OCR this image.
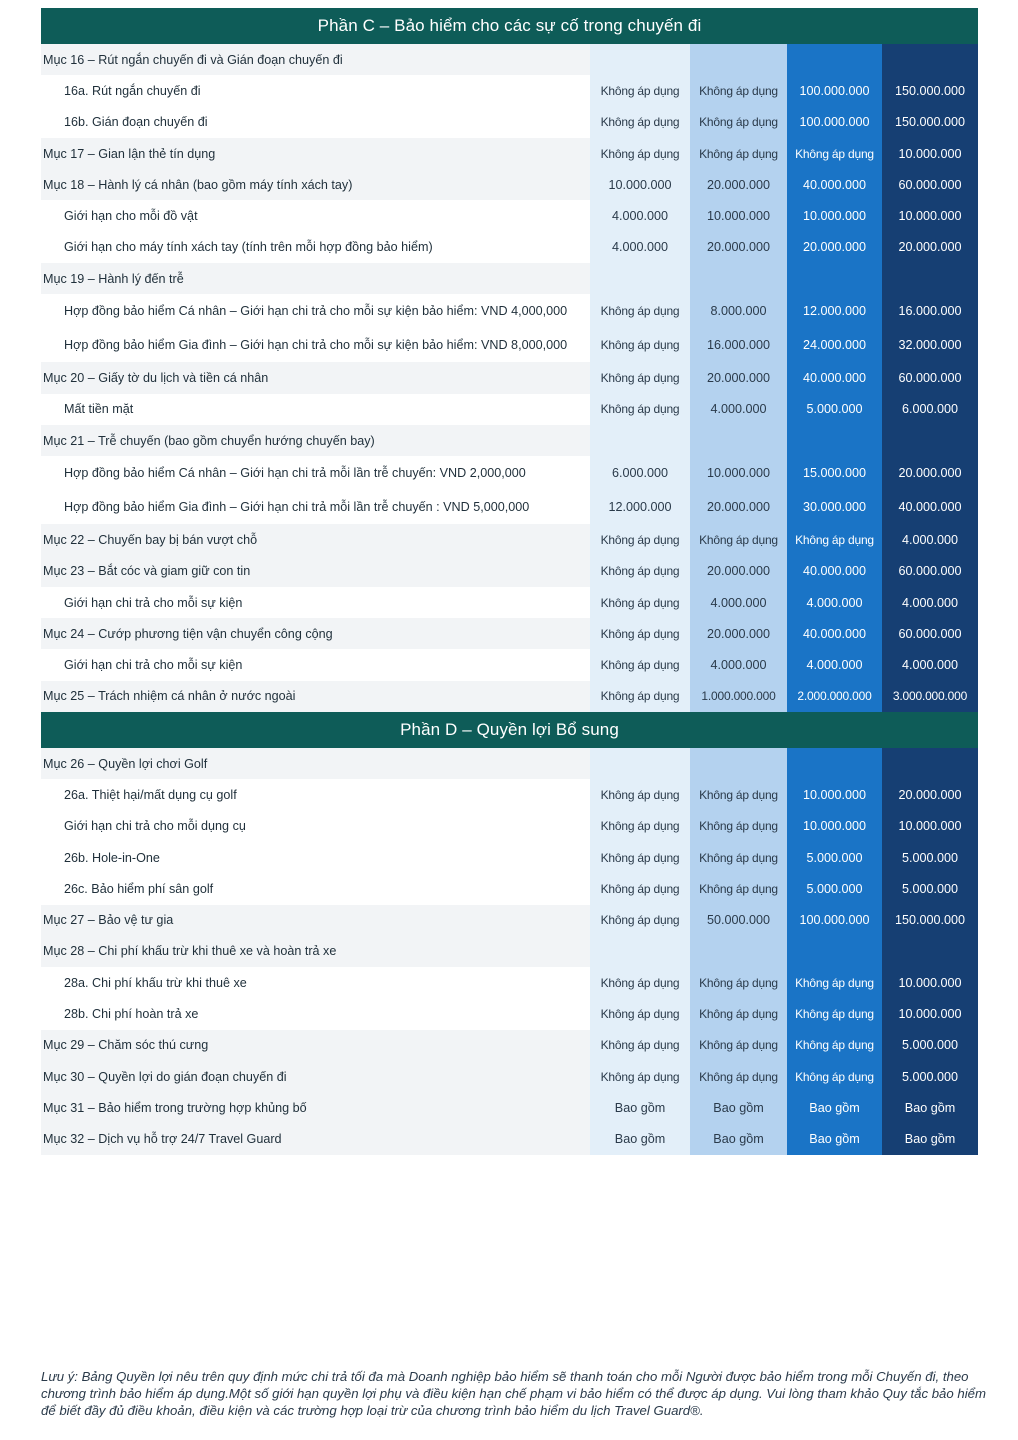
Phần C – Bảo hiểm cho các sự cố trong chuyến đi
Mục 16 – Rút ngắn chuyến đi và Gián đoạn chuyến đi				
16a. Rút ngắn chuyến đi	Không áp dụng	Không áp dụng	100.000.000	150.000.000
16b. Gián đoạn chuyến đi	Không áp dụng	Không áp dụng	100.000.000	150.000.000
Mục 17 – Gian lận thẻ tín dụng	Không áp dụng	Không áp dụng	Không áp dụng	10.000.000
Mục 18 – Hành lý cá nhân (bao gồm máy tính xách tay)	10.000.000	20.000.000	40.000.000	60.000.000
Giới hạn cho mỗi đồ vật	4.000.000	10.000.000	10.000.000	10.000.000
Giới hạn cho máy tính xách tay (tính trên mỗi hợp đồng bảo hiểm)	4.000.000	20.000.000	20.000.000	20.000.000
Mục 19 – Hành lý đến trễ				
Hợp đồng bảo hiểm Cá nhân – Giới hạn chi trả cho mỗi sự kiện bảo hiểm: VND 4,000,000	Không áp dụng	8.000.000	12.000.000	16.000.000
Hợp đồng bảo hiểm Gia đình – Giới hạn chi trả cho mỗi sự kiện bảo hiểm: VND 8,000,000	Không áp dụng	16.000.000	24.000.000	32.000.000
Mục 20 – Giấy tờ du lịch và tiền cá nhân	Không áp dụng	20.000.000	40.000.000	60.000.000
Mất tiền mặt	Không áp dụng	4.000.000	5.000.000	6.000.000
Mục 21 – Trễ chuyến (bao gồm chuyển hướng chuyến bay)				
Hợp đồng bảo hiểm Cá nhân – Giới hạn chi trả mỗi lần trễ chuyến: VND 2,000,000	6.000.000	10.000.000	15.000.000	20.000.000
Hợp đồng bảo hiểm Gia đình – Giới hạn chi trả mỗi lần trễ chuyến : VND 5,000,000	12.000.000	20.000.000	30.000.000	40.000.000
Mục 22 – Chuyến bay bị bán vượt chỗ	Không áp dụng	Không áp dụng	Không áp dụng	4.000.000
Mục 23 – Bắt cóc và giam giữ con tin	Không áp dụng	20.000.000	40.000.000	60.000.000
Giới hạn chi trả cho mỗi sự kiện	Không áp dụng	4.000.000	4.000.000	4.000.000
Mục 24 – Cướp phương tiện vận chuyển công cộng	Không áp dụng	20.000.000	40.000.000	60.000.000
Giới hạn chi trả cho mỗi sự kiện	Không áp dụng	4.000.000	4.000.000	4.000.000
Mục 25 – Trách nhiệm cá nhân ở nước ngoài	Không áp dụng	1.000.000.000	2.000.000.000	3.000.000.000
Phần D – Quyền lợi Bổ sung
Mục 26 – Quyền lợi chơi Golf				
26a. Thiệt hại/mất dụng cụ golf	Không áp dụng	Không áp dụng	10.000.000	20.000.000
Giới hạn chi trả cho mỗi dụng cụ	Không áp dụng	Không áp dụng	10.000.000	10.000.000
26b. Hole-in-One	Không áp dụng	Không áp dụng	5.000.000	5.000.000
26c. Bảo hiểm phí sân golf	Không áp dụng	Không áp dụng	5.000.000	5.000.000
Mục 27 – Bảo vệ tư gia	Không áp dụng	50.000.000	100.000.000	150.000.000
Mục 28 – Chi phí khấu trừ khi thuê xe và hoàn trả xe				
28a. Chi phí khấu trừ khi thuê xe	Không áp dụng	Không áp dụng	Không áp dụng	10.000.000
28b. Chi phí hoàn trả xe	Không áp dụng	Không áp dụng	Không áp dụng	10.000.000
Mục 29 – Chăm sóc thú cưng	Không áp dụng	Không áp dụng	Không áp dụng	5.000.000
Mục 30 – Quyền lợi do gián đoạn chuyến đi	Không áp dụng	Không áp dụng	Không áp dụng	5.000.000
Mục 31 – Bảo hiểm trong trường hợp khủng bố	Bao gồm	Bao gồm	Bao gồm	Bao gồm
Mục 32 – Dịch vụ hỗ trợ 24/7 Travel Guard	Bao gồm	Bao gồm	Bao gồm	Bao gồm
Lưu ý: Bảng Quyền lợi nêu trên quy định mức chi trả tối đa mà Doanh nghiệp bảo hiểm sẽ thanh toán cho mỗi Người được bảo hiểm trong mỗi Chuyến đi, theo chương trình bảo hiểm áp dụng.Một số giới hạn quyền lợi phụ và điều kiện hạn chế phạm vi bảo hiểm có thể được áp dụng. Vui lòng tham khảo Quy tắc bảo hiểm để biết đầy đủ điều khoản, điều kiện và các trường hợp loại trừ của chương trình bảo hiểm du lịch Travel Guard®.
